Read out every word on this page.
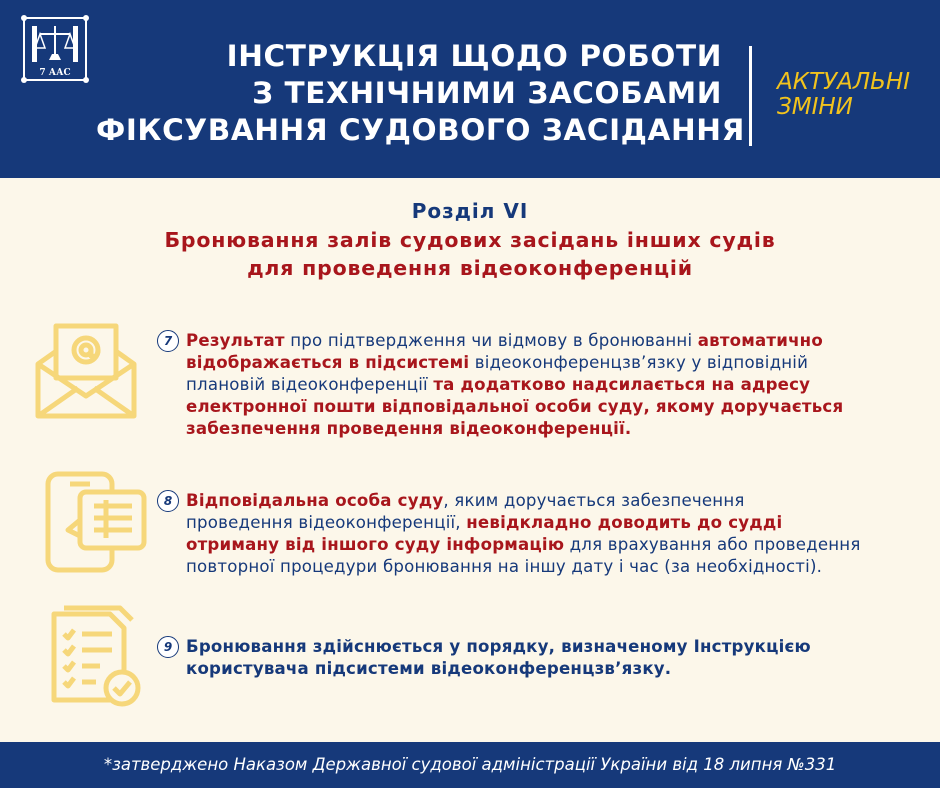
7 ААС	ІНСТРУКЦІЯ ЩОДО РОБОТИ
З ТЕХНІЧНИМИ ЗАСОБАМИ
ФІКСУВАННЯ СУДОВОГО ЗАСІДАННЯ
АКТУАЛЬНІ
ЗМІНИ
Розділ VI
Бронювання залів судових засідань інших судів
для проведення відеоконференцій
7 Результат про підтвердження чи відмову в бронюванні автоматично
відображається в підсистемі відеоконференцзв’язку у відповідній
плановій відеоконференції та додатково надсилається на адресу
електронної пошти відповідальної особи суду, якому доручається
забезпечення проведення відеоконференції.
8 Відповідальна особа суду, яким доручається забезпечення
проведення відеоконференції, невідкладно доводить до судді
отриману від іншого суду інформацію для врахування або проведення
повторної процедури бронювання на іншу дату і час (за необхідності).
9 Бронювання здійснюється у порядку, визначеному Інструкцією
користувача підсистеми відеоконференцзв’язку.
*затверджено Наказом Державної судової адміністрації України від 18 липня №331
